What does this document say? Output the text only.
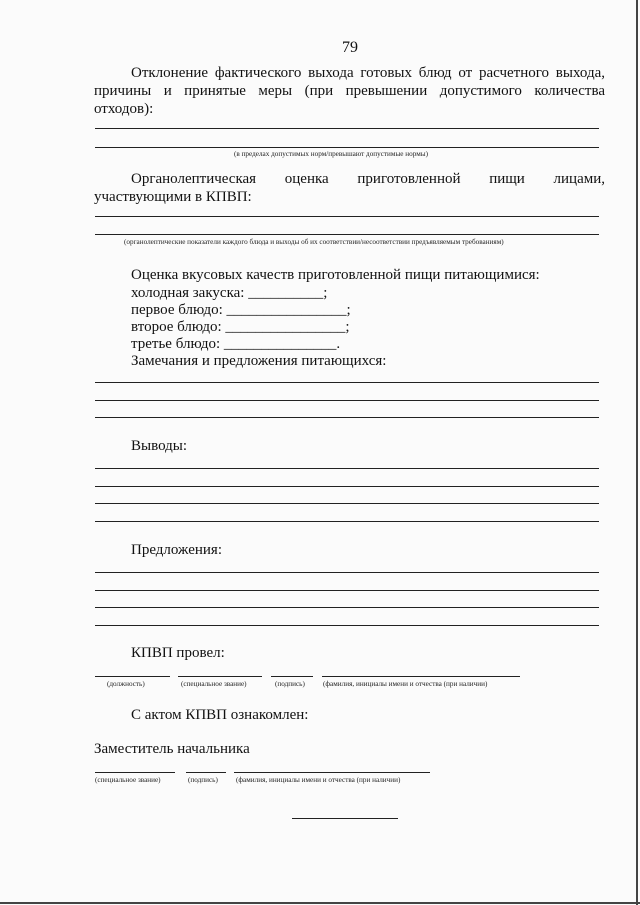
79
Отклонение фактического выхода готовых блюд от расчетного выхода,
причины и принятые меры (при превышении допустимого количества
отходов):
(в пределах допустимых норм/превышают допустимые нормы)
Органолептическая оценка приготовленной пищи лицами,
участвующими в КПВП:
(органолептические показатели каждого блюда и выходы об их соответствии/несоответствии предъявляемым требованиям)
Оценка вкусовых качеств приготовленной пищи питающимися:
холодная закуска: __________;
первое блюдо: ________________;
второе блюдо: ________________;
третье блюдо: _______________.
Замечания и предложения питающихся:
Выводы:
Предложения:
КПВП провел:
(должность)	(специальное звание)	(подпись)	(фамилия, инициалы имени и отчества (при наличии)
С актом КПВП ознакомлен:
Заместитель начальника
(специальное звание)	(подпись)	(фамилия, инициалы имени и отчества (при наличии)
